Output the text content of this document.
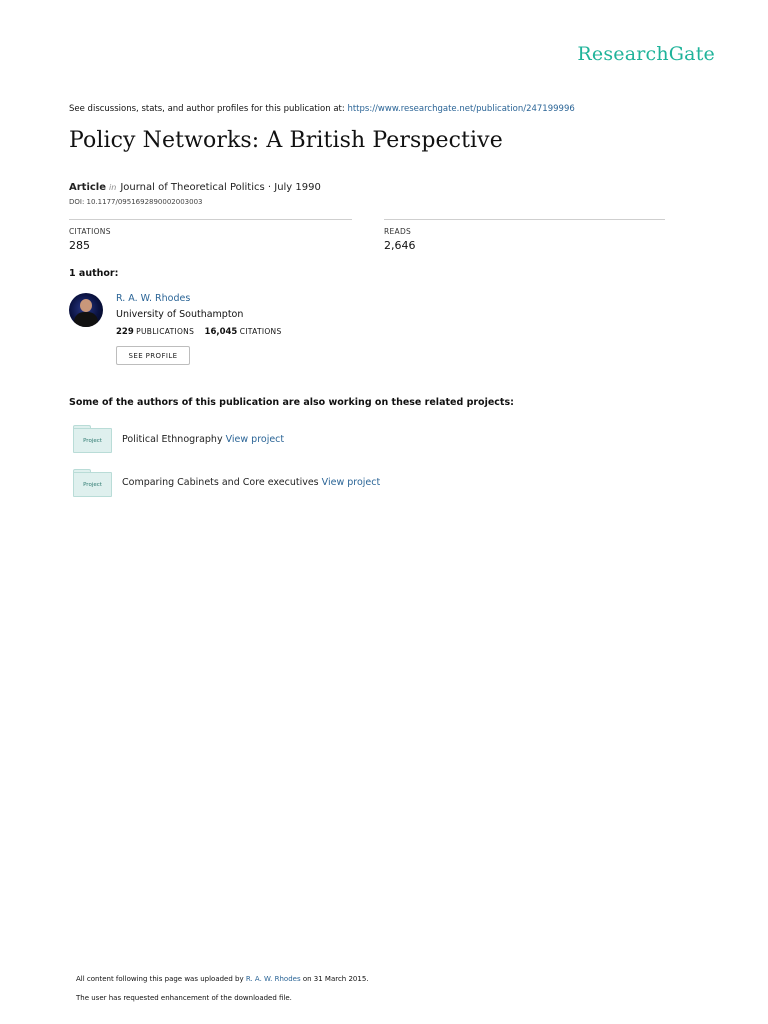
ResearchGate
See discussions, stats, and author profiles for this publication at: https://www.researchgate.net/publication/247199996
Policy Networks: A British Perspective
Article in Journal of Theoretical Politics · July 1990
DOI: 10.1177/0951692890002003003
CITATIONS
285
READS
2,646
1 author:
R. A. W. Rhodes
University of Southampton
229 PUBLICATIONS 16,045 CITATIONS
SEE PROFILE
Some of the authors of this publication are also working on these related projects:
Project	Political Ethnography View project
Project	Comparing Cabinets and Core executives View project
All content following this page was uploaded by R. A. W. Rhodes on 31 March 2015.
The user has requested enhancement of the downloaded file.
